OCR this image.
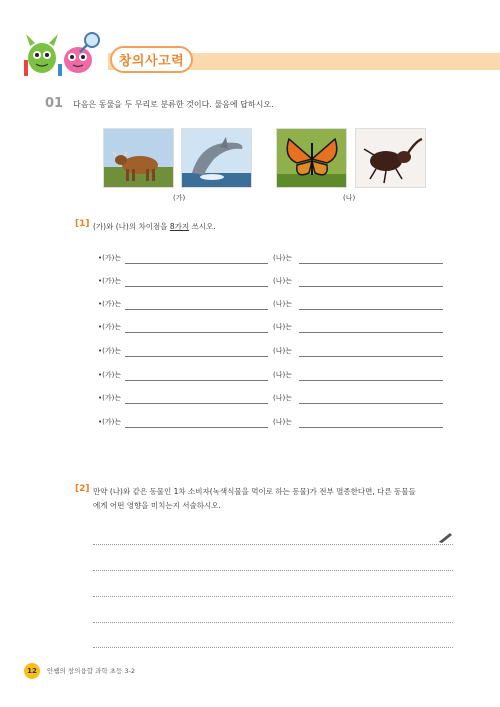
창의사고력
01 다음은 동물을 두 무리로 분류한 것이다. 물음에 답하시오.
(가)	(나)
[1] (가)와 (나)의 차이점을 8가지 쓰시오.
•(가)는	(나)는
•(가)는	(나)는
•(가)는	(나)는
•(가)는	(나)는
•(가)는	(나)는
•(가)는	(나)는
•(가)는	(나)는
•(가)는	(나)는
[2] 만약 (나)와 같은 동물인 1차 소비자(녹색식물을 먹이로 하는 동물)가 전부 멸종한다면, 다른 동물들
에게 어떤 영향을 미치는지 서술하시오.
12	안쌤의 창의융합 과학 초등 3-2
